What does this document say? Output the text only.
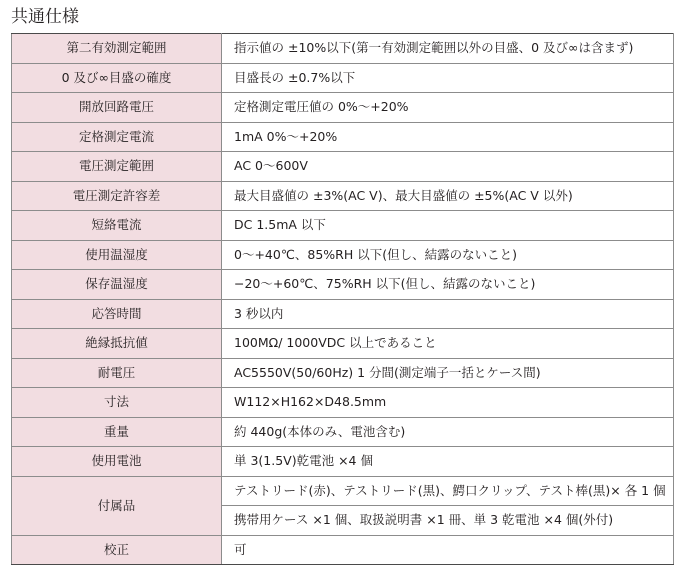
共通仕様
第二有効測定範囲	指示値の ±10%以下(第一有効測定範囲以外の目盛、0 及び∞は含まず)
0 及び∞目盛の確度	目盛長の ±0.7%以下
開放回路電圧	定格測定電圧値の 0%〜+20%
定格測定電流	1mA 0%〜+20%
電圧測定範囲	AC 0〜600V
電圧測定許容差	最大目盛値の ±3%(AC V)、最大目盛値の ±5%(AC V 以外)
短絡電流	DC 1.5mA 以下
使用温湿度	0〜+40℃、85%RH 以下(但し、結露のないこと)
保存温湿度	−20〜+60℃、75%RH 以下(但し、結露のないこと)
応答時間	3 秒以内
絶縁抵抗値	100MΩ/ 1000VDC 以上であること
耐電圧	AC5550V(50/60Hz) 1 分間(測定端子一括とケース間)
寸法	W112×H162×D48.5mm
重量	約 440g(本体のみ、電池含む)
使用電池	単 3(1.5V)乾電池 ×4 個
付属品	テストリード(赤)、テストリード(黒)、鰐口クリップ、テスト棒(黒)× 各 1 個
	携帯用ケース ×1 個、取扱説明書 ×1 冊、単 3 乾電池 ×4 個(外付)
校正	可
